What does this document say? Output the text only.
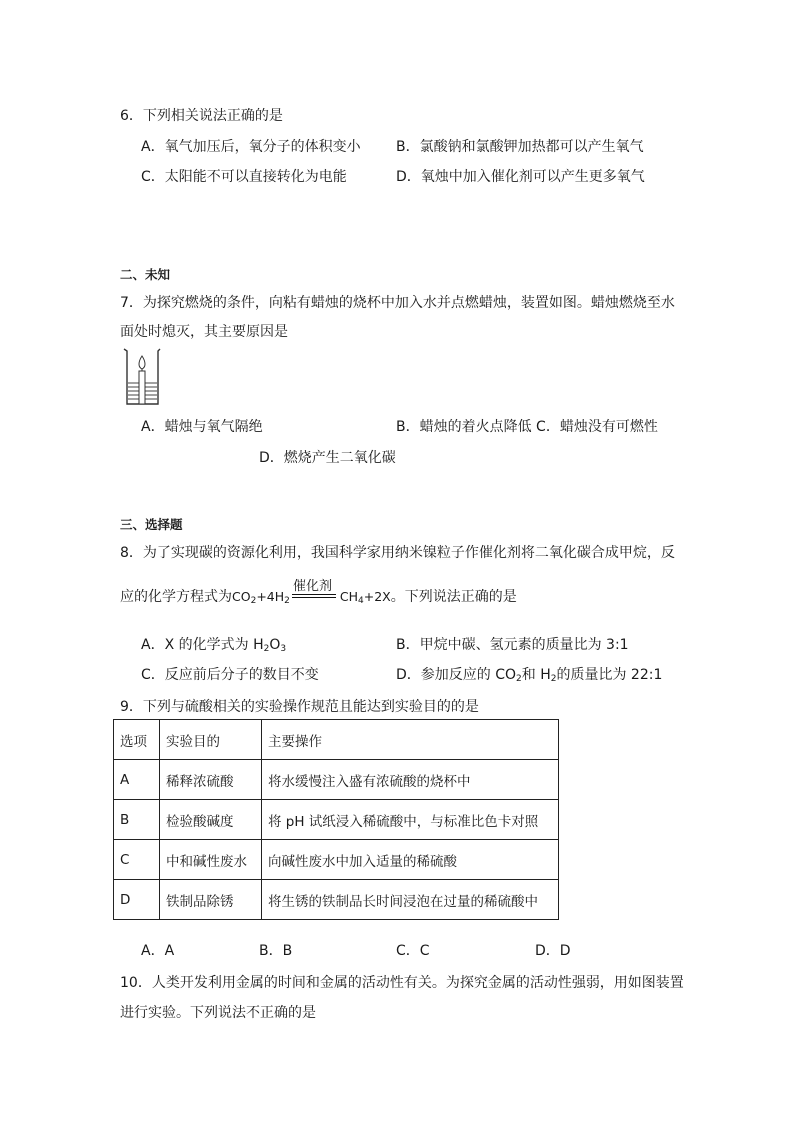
6．下列相关说法正确的是
A．氧气加压后，氧分子的体积变小	B．氯酸钠和氯酸钾加热都可以产生氧气
C．太阳能不可以直接转化为电能	D．氧烛中加入催化剂可以产生更多氧气
二、未知
7．为探究燃烧的条件，向粘有蜡烛的烧杯中加入水并点燃蜡烛，装置如图。蜡烛燃烧至水
面处时熄灭，其主要原因是
A．蜡烛与氧气隔绝	B．蜡烛的着火点降低 C．蜡烛没有可燃性
D．燃烧产生二氧化碳
三、选择题
8．为了实现碳的资源化利用，我国科学家用纳米镍粒子作催化剂将二氧化碳合成甲烷，反
应的化学方程式为$CO_2+4H_2$	$CH_4+2X$。下列说法正确的是
催化剂
A．X 的化学式为 $H_2O_3$	B．甲烷中碳、氢元素的质量比为 3:1
C．反应前后分子的数目不变	D．参加反应的 $CO_2$和 $H_2$的质量比为 22:1
9．下列与硫酸相关的实验操作规范且能达到实验目的的是
选项	实验目的	主要操作
A	稀释浓硫酸	将水缓慢注入盛有浓硫酸的烧杯中
B	检验酸碱度	将 pH 试纸浸入稀硫酸中，与标准比色卡对照
C	中和碱性废水	向碱性废水中加入适量的稀硫酸
D	铁制品除锈	将生锈的铁制品长时间浸泡在过量的稀硫酸中
A．A	B．B	C．C	D．D
10．人类开发利用金属的时间和金属的活动性有关。为探究金属的活动性强弱，用如图装置
进行实验。下列说法不正确的是
